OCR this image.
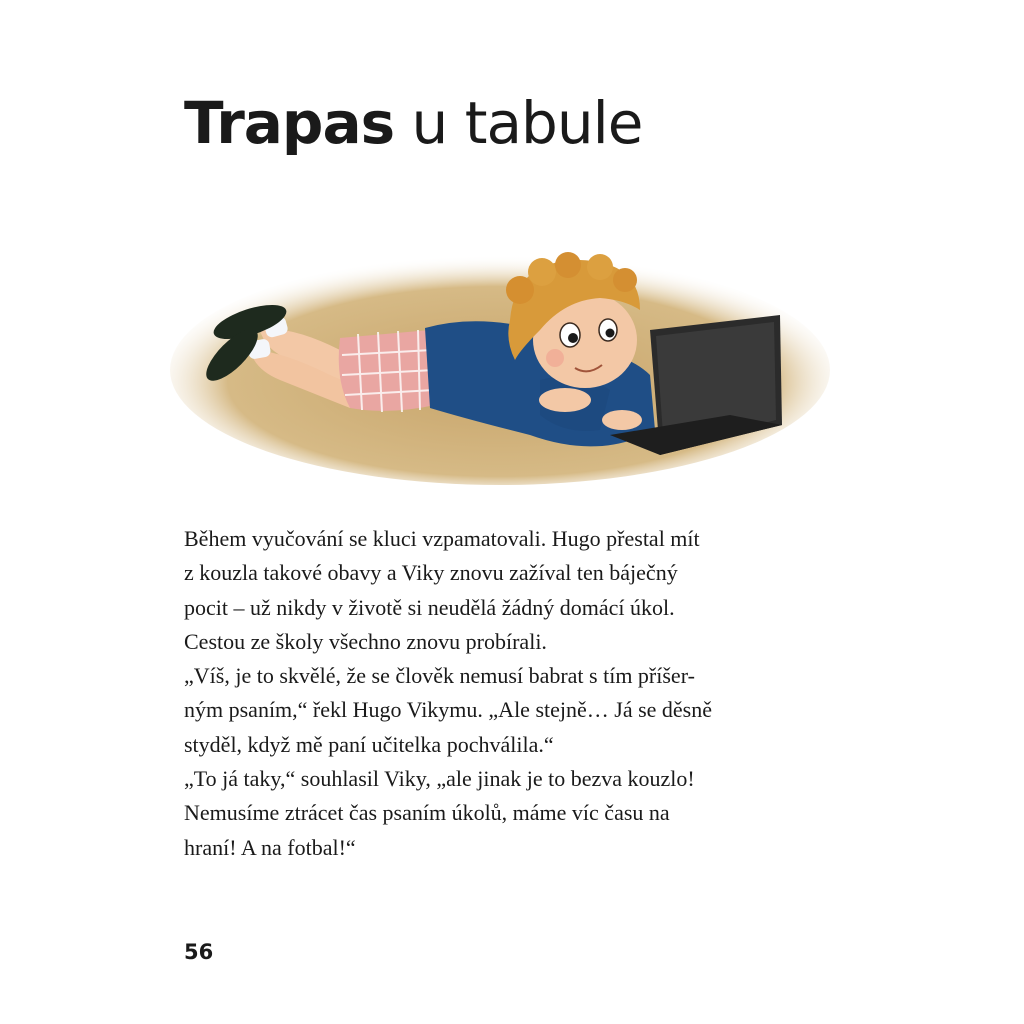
Trapas u tabule

Během vyučování se kluci vzpamatovali. Hugo přestal mít
z kouzla takové obavy a Viky znovu zažíval ten báječný
pocit – už nikdy v životě si neudělá žádný domácí úkol.
Cestou ze školy všechno znovu probírali.

„Víš, je to skvělé, že se člověk nemusí babrat s tím příšer-
ným psaním,“ řekl Hugo Vikymu. „Ale stejně… Já se děsně
styděl, když mě paní učitelka pochválila.“

„To já taky,“ souhlasil Viky, „ale jinak je to bezva kouzlo!
Nemusíme ztrácet čas psaním úkolů, máme víc času na
hraní! A na fotbal!“

56
